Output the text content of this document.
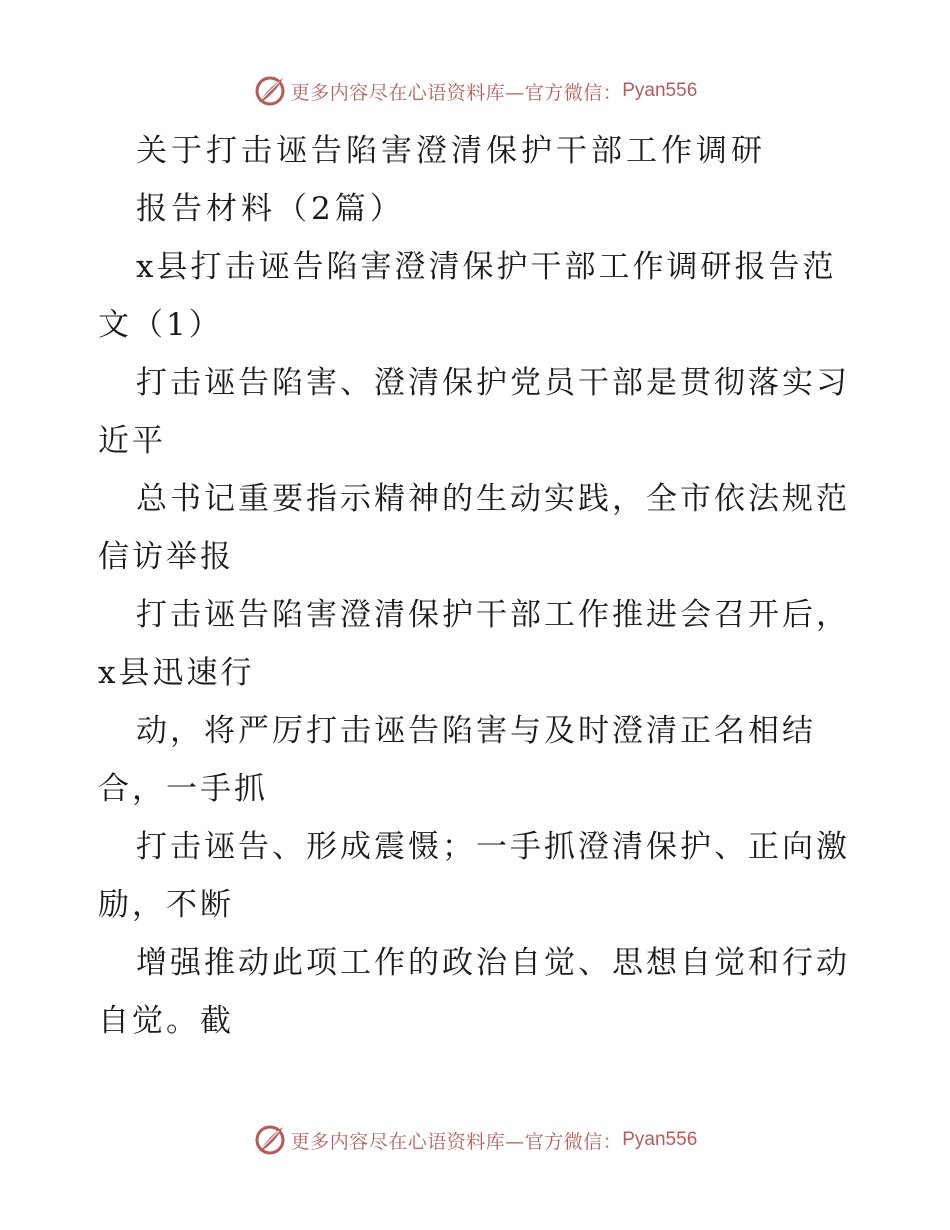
更多内容尽在心语资料库—官方微信： Pyan556
关于打击诬告陷害澄清保护干部工作调研
报告材料（2篇）
x县打击诬告陷害澄清保护干部工作调研报告范
文（1）
打击诬告陷害、澄清保护党员干部是贯彻落实习
近平
总书记重要指示精神的生动实践，全市依法规范
信访举报
打击诬告陷害澄清保护干部工作推进会召开后，
x县迅速行
动，将严厉打击诬告陷害与及时澄清正名相结
合，一手抓
打击诬告、形成震慑；一手抓澄清保护、正向激
励，不断
增强推动此项工作的政治自觉、思想自觉和行动
自觉。截
更多内容尽在心语资料库—官方微信： Pyan556
